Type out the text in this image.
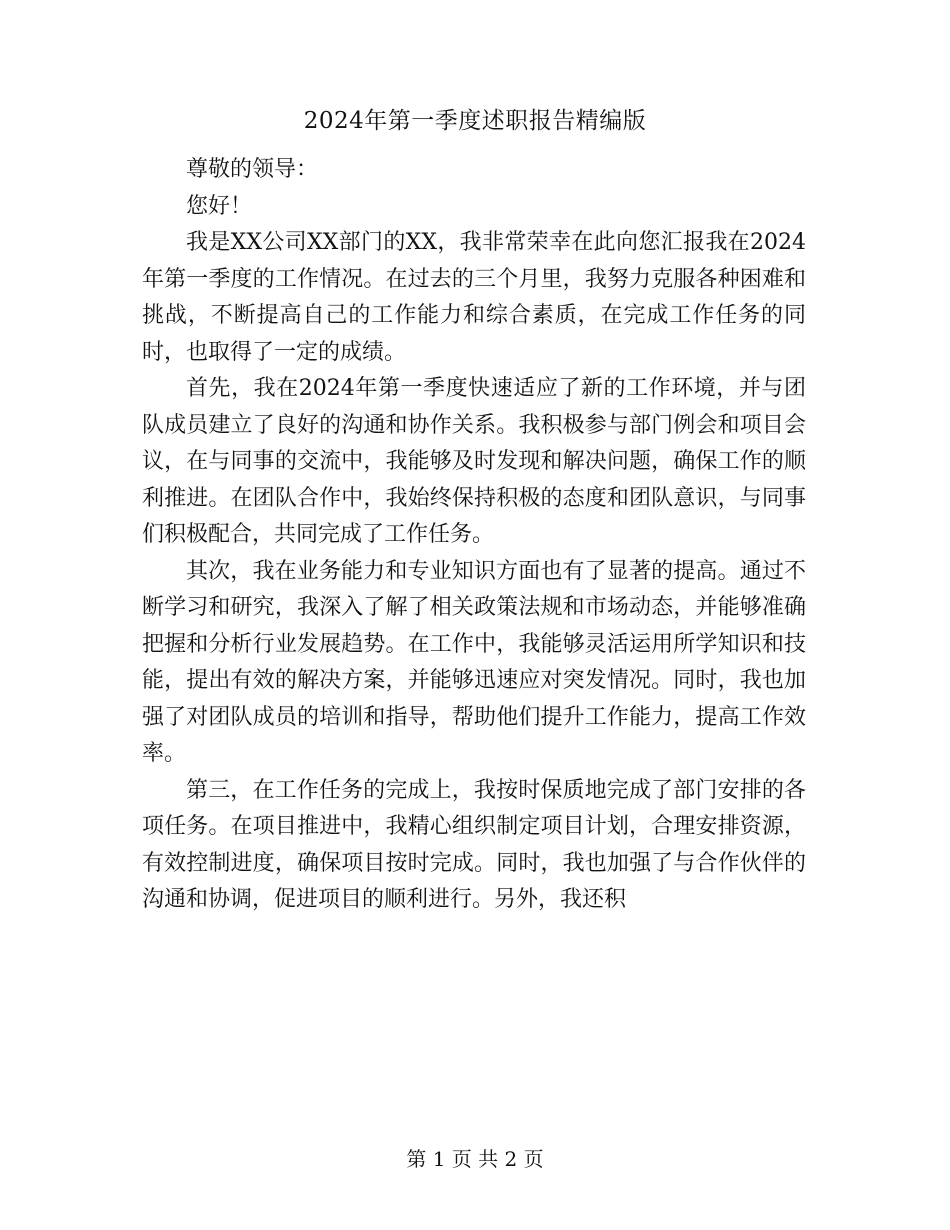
2024年第一季度述职报告精编版

尊敬的领导：

您好！

我是XX公司XX部门的XX，我非常荣幸在此向您汇报我在2024年第一季度的工作情况。在过去的三个月里，我努力克服各种困难和挑战，不断提高自己的工作能力和综合素质，在完成工作任务的同时，也取得了一定的成绩。

首先，我在2024年第一季度快速适应了新的工作环境，并与团队成员建立了良好的沟通和协作关系。我积极参与部门例会和项目会议，在与同事的交流中，我能够及时发现和解决问题，确保工作的顺利推进。在团队合作中，我始终保持积极的态度和团队意识，与同事们积极配合，共同完成了工作任务。

其次，我在业务能力和专业知识方面也有了显著的提高。通过不断学习和研究，我深入了解了相关政策法规和市场动态，并能够准确把握和分析行业发展趋势。在工作中，我能够灵活运用所学知识和技能，提出有效的解决方案，并能够迅速应对突发情况。同时，我也加强了对团队成员的培训和指导，帮助他们提升工作能力，提高工作效率。

第三，在工作任务的完成上，我按时保质地完成了部门安排的各项任务。在项目推进中，我精心组织制定项目计划，合理安排资源，有效控制进度，确保项目按时完成。同时，我也加强了与合作伙伴的沟通和协调，促进项目的顺利进行。另外，我还积

第 1 页 共 2 页
